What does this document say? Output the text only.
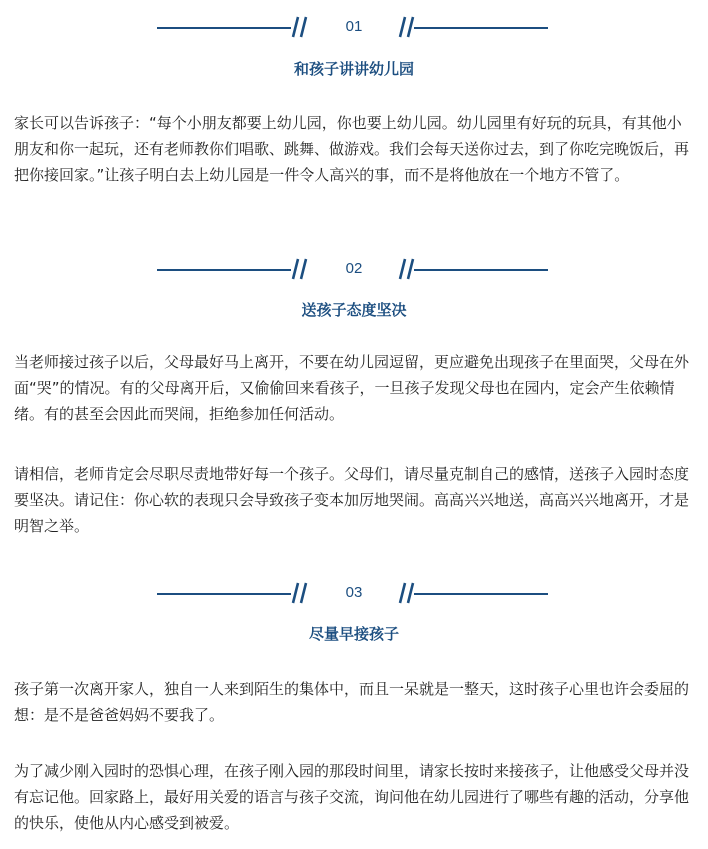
01
和孩子讲讲幼儿园

家长可以告诉孩子：“每个小朋友都要上幼儿园，你也要上幼儿园。幼儿园里有好玩的玩具，有其他小朋友和你一起玩，还有老师教你们唱歌、跳舞、做游戏。我们会每天送你过去，到了你吃完晚饭后，再把你接回家。”让孩子明白去上幼儿园是一件令人高兴的事，而不是将他放在一个地方不管了。

02
送孩子态度坚决

当老师接过孩子以后，父母最好马上离开，不要在幼儿园逗留，更应避免出现孩子在里面哭，父母在外面“哭”的情况。有的父母离开后，又偷偷回来看孩子，一旦孩子发现父母也在园内，定会产生依赖情绪。有的甚至会因此而哭闹，拒绝参加任何活动。

请相信，老师肯定会尽职尽责地带好每一个孩子。父母们，请尽量克制自己的感情，送孩子入园时态度要坚决。请记住：你心软的表现只会导致孩子变本加厉地哭闹。高高兴兴地送，高高兴兴地离开，才是明智之举。

03
尽量早接孩子

孩子第一次离开家人，独自一人来到陌生的集体中，而且一呆就是一整天，这时孩子心里也许会委屈的想：是不是爸爸妈妈不要我了。

为了减少刚入园时的恐惧心理，在孩子刚入园的那段时间里，请家长按时来接孩子，让他感受父母并没有忘记他。回家路上，最好用关爱的语言与孩子交流，询问他在幼儿园进行了哪些有趣的活动，分享他的快乐，使他从内心感受到被爱。
